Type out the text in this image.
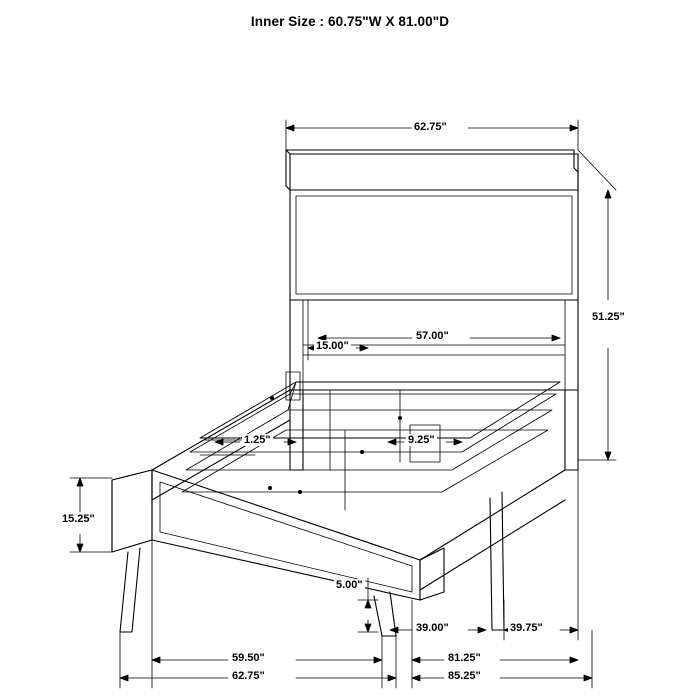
Inner Size : 60.75"W X 81.00"D
62.75"
51.25"
57.00"
15.00"
1.25"	9.25"
15.25"
5.00"
39.00"	39.75"
59.50"	81.25"
62.75"	85.25"
